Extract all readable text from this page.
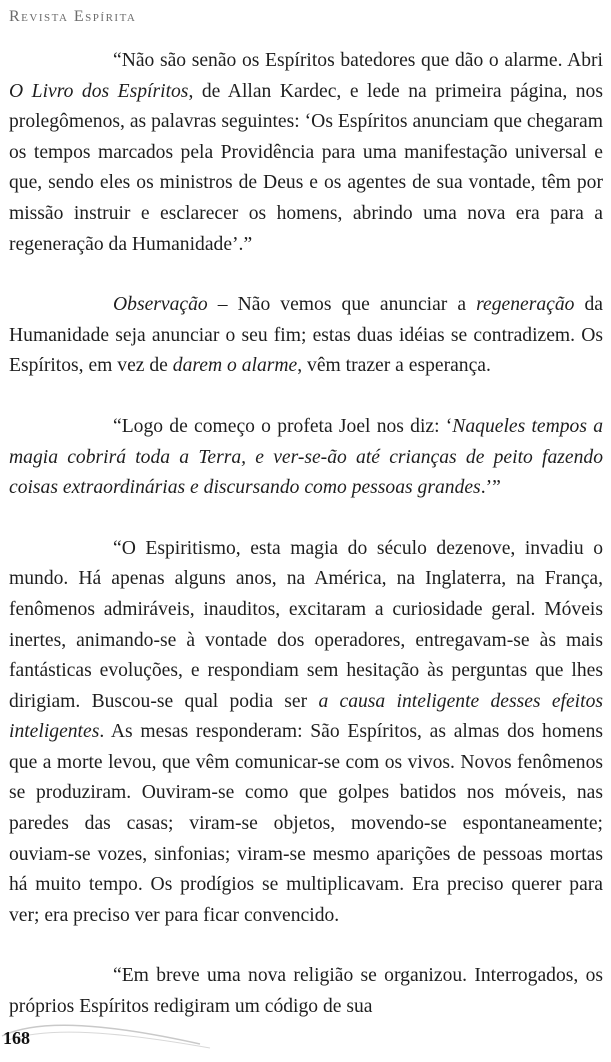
Revista Espírita

“Não são senão os Espíritos batedores que dão o alarme. Abri O Livro dos Espíritos, de Allan Kardec, e lede na primeira página, nos prolegômenos, as palavras seguintes: ‘Os Espíritos anunciam que chegaram os tempos marcados pela Providência para uma manifestação universal e que, sendo eles os ministros de Deus e os agentes de sua vontade, têm por missão instruir e esclarecer os homens, abrindo uma nova era para a regeneração da Humanidade’.”

Observação – Não vemos que anunciar a regeneração da Humanidade seja anunciar o seu fim; estas duas idéias se contradizem. Os Espíritos, em vez de darem o alarme, vêm trazer a esperança.

“Logo de começo o profeta Joel nos diz: ‘Naqueles tempos a magia cobrirá toda a Terra, e ver-se-ão até crianças de peito fazendo coisas extraordinárias e discursando como pessoas grandes.’”

“O Espiritismo, esta magia do século dezenove, invadiu o mundo. Há apenas alguns anos, na América, na Inglaterra, na França, fenômenos admiráveis, inauditos, excitaram a curiosidade geral. Móveis inertes, animando-se à vontade dos operadores, entregavam-se às mais fantásticas evoluções, e respondiam sem hesitação às perguntas que lhes dirigiam. Buscou-se qual podia ser a causa inteligente desses efeitos inteligentes. As mesas responderam: São Espíritos, as almas dos homens que a morte levou, que vêm comunicar-se com os vivos. Novos fenômenos se produziram. Ouviram-se como que golpes batidos nos móveis, nas paredes das casas; viram-se objetos, movendo-se espontaneamente; ouviam-se vozes, sinfonias; viram-se mesmo aparições de pessoas mortas há muito tempo. Os prodígios se multiplicavam. Era preciso querer para ver; era preciso ver para ficar convencido.

“Em breve uma nova religião se organizou. Interrogados, os próprios Espíritos redigiram um código de sua

168
